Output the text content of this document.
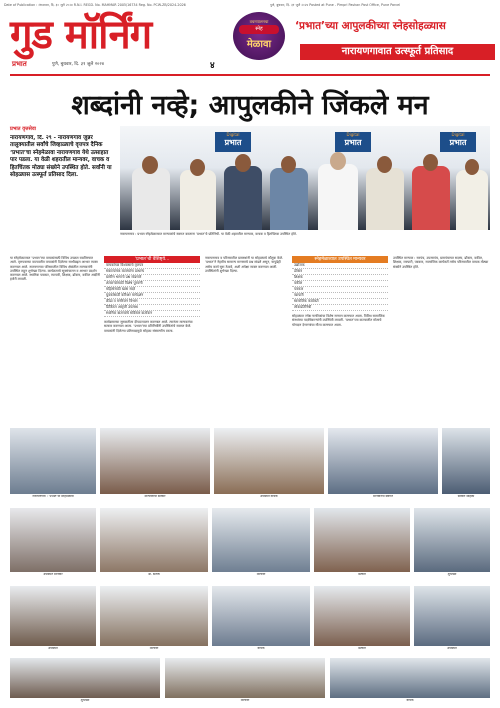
Date of Publication : मंगळवार, दि. ३० जुलै २०२४ R.N.I. REGD. No. MAHMAR 2005/16734 Reg. No. PCW-ZB/2024-2026	पुणे, बुधवार, दि. ३१ जुलै २०२४ Posted at Pune - Pimpri Pashan Post Office, Pune Parcel
गुड मॉर्निंग
प्रभात	पुणे, बुधवार, दि. ३१ जुलै २०२४	४
वचनपालनचा
स्नेह
मेळावा
‘प्रभात’च्या आपुलकीच्या स्नेहसोहळ्यास
नारायणगावात उत्स्फूर्त प्रतिसाद
शब्दांनी नव्हे; आपुलकीने जिंकले मन
प्रभात वृत्तसेवा
नारायणगाव, दि. २९ - नारायणगाव जुन्नर तालुक्यातील सर्वांचे जिव्हाळ्याचे वृत्तपत्र दैनिक ‘प्रभात’चा स्नेहमेळावा नारायणगाव येथे उत्साहात पार पडला. या वेळी शहरातील मान्यवर, वाचक व हितचिंतक मोठ्या संख्येने उपस्थित होते. सर्वांनी या सोहळ्यास उत्स्फूर्त प्रतिसाद दिला.
Digital
प्रभात
Digital
प्रभात
Digital
प्रभात
नारायणगाव : प्रभात स्नेहमेळाव्यात मान्यवरांचे स्वागत करताना ‘प्रभात’चे प्रतिनिधी. या वेळी शहरातील मान्यवर, वाचक व हितचिंतक उपस्थित होते.

या स्नेहमेळाव्यात ‘प्रभात’च्या वाचकांसाठी विविध उपक्रम राबविण्यात आले. वृत्तपत्राच्या वाटचालीत वाचकांनी दिलेल्या साथीबद्दल आभार व्यक्त करण्यात आले. नारायणगाव परिसरातील विविध क्षेत्रांतील मान्यवरांनी उपस्थित राहून शुभेच्छा दिल्या. कार्यक्रमाचे सूत्रसंचालन व आभार प्रदर्शन करण्यात आले. स्थानिक पत्रकार, व्यापारी, शिक्षक, डॉक्टर, वकील आदींनी हजेरी लावली.

‘प्रभात’ची वैशिष्ट्ये...
वाचकांच्या विश्वासाचे वृत्तपत्र
सकारात्मक बातम्यांना प्राधान्य
ग्रामीण भागाचे प्रश्न मांडणारे
शेतकऱ्यांसाठी विशेष पुरवणी
महिलांसाठी खास सदरे
युवकांसाठी करिअर मार्गदर्शन
क्रीडा व मनोरंजन विभाग
डिजिटल आवृत्ती उपलब्ध
स्थानिक बातम्यांचे सविस्तर वार्तांकन

कार्यक्रमाच्या सुरुवातीला दीपप्रज्वलन करण्यात आले. त्यानंतर मान्यवरांचा सत्कार करण्यात आला. ‘प्रभात’च्या प्रतिनिधींनी उपस्थितांचे स्वागत केले. वाचकांनी दिलेल्या प्रतिसादामुळे सोहळा संस्मरणीय ठरला.

नारायणगाव व परिसरातील ग्रामस्थांनी या सोहळ्याचे कौतुक केले. ‘प्रभात’ने नेहमीच सामान्य माणसाचे प्रश्न मांडले असून, यापुढेही असेच कार्य सुरू ठेवावे, अशी अपेक्षा व्यक्त करण्यात आली. उपस्थितांनी शुभेच्छा दिल्या.

स्नेहमेळाव्यात उपस्थित मान्यवर
उद्योजक
डॉक्टर
शिक्षक
वकील
पत्रकार
व्यापारी
सामाजिक कार्यकर्ते
लोकप्रतिनिधी

सोहळ्यात ज्येष्ठ नागरिकांचा विशेष सन्मान करण्यात आला. विविध सामाजिक संस्थांच्या पदाधिकाऱ्यांनी उपस्थिती लावली. ‘प्रभात’च्या वाटचालीत मोलाचे योगदान देणाऱ्यांचा गौरव करण्यात आला.

उपस्थित मान्यवर : सरपंच, उपसरपंच, ग्रामपंचायत सदस्य, डॉक्टर, वकील, शिक्षक, व्यापारी, पत्रकार, सामाजिक कार्यकर्ते तसेच परिसरातील वाचक मोठ्या संख्येने उपस्थित होते.

नारायणगाव : ‘प्रभात’चा स्नेहमेळावा	मान्यवरांचा सत्कार	उपस्थित वाचक	मान्यवरांचे स्वागत	सत्कार सोहळा
उपस्थित मान्यवर	डॉ. संतोष	मान्यवर	सत्कार	शुभेच्छा
उपस्थित	मान्यवर	वाचक	सत्कार	उपस्थित
शुभेच्छा	मान्यवर	वाचक
